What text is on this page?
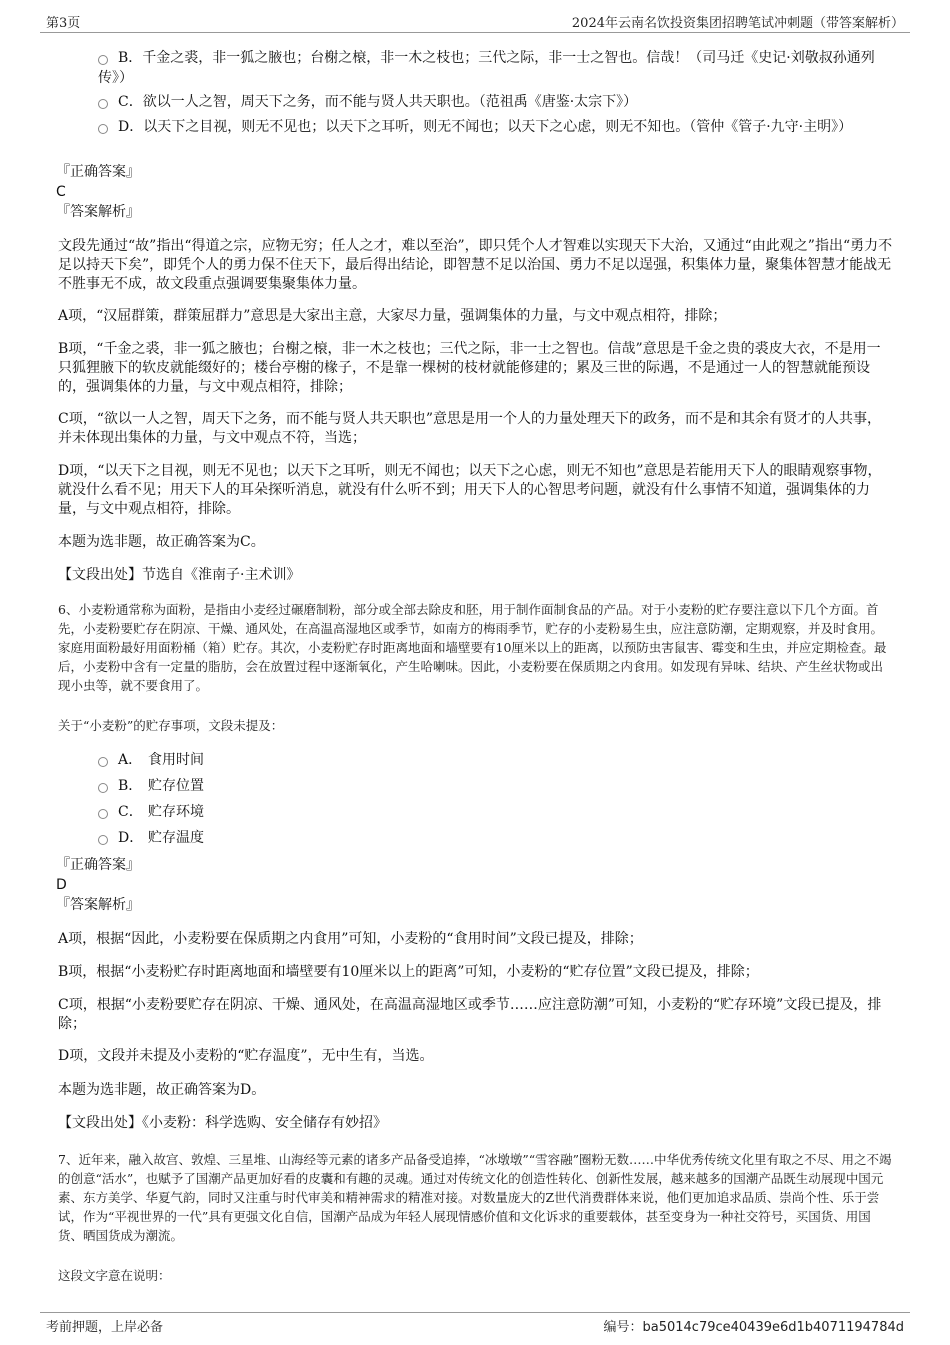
第3页	2024年云南名饮投资集团招聘笔试冲刺题（带答案解析）
B．千金之裘，非一狐之腋也；台榭之榱，非一木之枝也；三代之际，非一士之智也。信哉！（司马迁《史记·刘敬叔孙通列传》）
C．欲以一人之智，周天下之务，而不能与贤人共天职也。（范祖禹《唐鉴·太宗下》）
D．以天下之目视，则无不见也；以天下之耳听，则无不闻也；以天下之心虑，则无不知也。（管仲《管子·九守·主明》）
『正确答案』
C
『答案解析』
文段先通过“故”指出“得道之宗，应物无穷；任人之才，难以至治”，即只凭个人才智难以实现天下大治，又通过“由此观之”指出“勇力不足以持天下矣”，即凭个人的勇力保不住天下，最后得出结论，即智慧不足以治国、勇力不足以逞强，积集体力量，聚集体智慧才能战无不胜事无不成，故文段重点强调要集聚集体力量。
A项，“汉屈群策，群策屈群力”意思是大家出主意，大家尽力量，强调集体的力量，与文中观点相符，排除；
B项，“千金之裘，非一狐之腋也；台榭之榱，非一木之枝也；三代之际，非一士之智也。信哉”意思是千金之贵的裘皮大衣，不是用一只狐狸腋下的软皮就能缀好的；楼台亭榭的椽子，不是靠一棵树的枝材就能修建的；累及三世的际遇，不是通过一人的智慧就能预设的，强调集体的力量，与文中观点相符，排除；
C项，“欲以一人之智，周天下之务，而不能与贤人共天职也”意思是用一个人的力量处理天下的政务，而不是和其余有贤才的人共事，并未体现出集体的力量，与文中观点不符，当选；
D项，“以天下之目视，则无不见也；以天下之耳听，则无不闻也；以天下之心虑，则无不知也”意思是若能用天下人的眼睛观察事物，就没什么看不见；用天下人的耳朵探听消息，就没有什么听不到；用天下人的心智思考问题，就没有什么事情不知道，强调集体的力量，与文中观点相符，排除。
本题为选非题，故正确答案为C。
【文段出处】节选自《淮南子·主术训》
6、小麦粉通常称为面粉，是指由小麦经过碾磨制粉，部分或全部去除皮和胚，用于制作面制食品的产品。对于小麦粉的贮存要注意以下几个方面。首先，小麦粉要贮存在阴凉、干燥、通风处，在高温高湿地区或季节，如南方的梅雨季节，贮存的小麦粉易生虫，应注意防潮，定期观察，并及时食用。家庭用面粉最好用面粉桶（箱）贮存。其次，小麦粉贮存时距离地面和墙壁要有10厘米以上的距离，以预防虫害鼠害、霉变和生虫，并应定期检查。最后，小麦粉中含有一定量的脂肪，会在放置过程中逐渐氧化，产生哈喇味。因此，小麦粉要在保质期之内食用。如发现有异味、结块、产生丝状物或出现小虫等，就不要食用了。
关于“小麦粉”的贮存事项，文段未提及：
A． 食用时间
B． 贮存位置
C． 贮存环境
D． 贮存温度
『正确答案』
D
『答案解析』
A项，根据“因此，小麦粉要在保质期之内食用”可知，小麦粉的“食用时间”文段已提及，排除；
B项，根据“小麦粉贮存时距离地面和墙壁要有10厘米以上的距离”可知，小麦粉的“贮存位置”文段已提及，排除；
C项，根据“小麦粉要贮存在阴凉、干燥、通风处，在高温高湿地区或季节……应注意防潮”可知，小麦粉的“贮存环境”文段已提及，排除；
D项，文段并未提及小麦粉的“贮存温度”，无中生有，当选。
本题为选非题，故正确答案为D。
【文段出处】《小麦粉：科学选购、安全储存有妙招》
7、近年来，融入故宫、敦煌、三星堆、山海经等元素的诸多产品备受追捧，“冰墩墩”“雪容融”圈粉无数……中华优秀传统文化里有取之不尽、用之不竭的创意“活水”，也赋予了国潮产品更加好看的皮囊和有趣的灵魂。通过对传统文化的创造性转化、创新性发展，越来越多的国潮产品既生动展现中国元素、东方美学、华夏气韵，同时又注重与时代审美和精神需求的精准对接。对数量庞大的Z世代消费群体来说，他们更加追求品质、崇尚个性、乐于尝试，作为“平视世界的一代”具有更强文化自信，国潮产品成为年轻人展现情感价值和文化诉求的重要载体，甚至变身为一种社交符号，买国货、用国货、晒国货成为潮流。
这段文字意在说明：
考前押题，上岸必备	编号：ba5014c79ce40439e6d1b4071194784d
